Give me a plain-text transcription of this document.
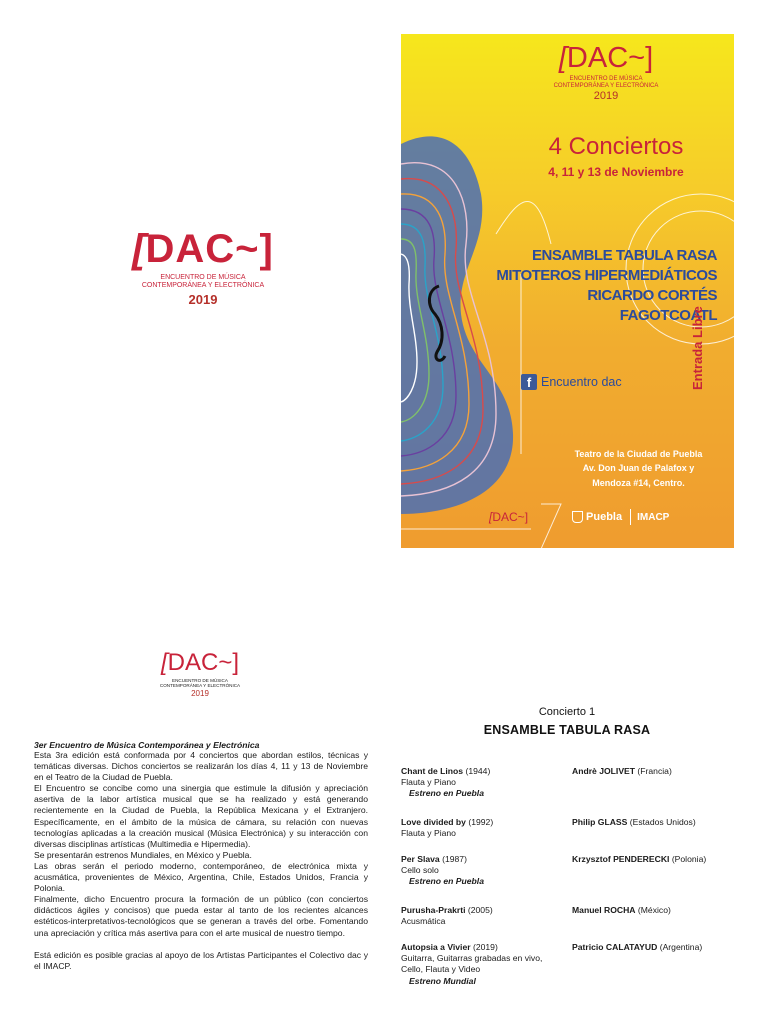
[ DAC~]
ENCUENTRO DE MÚSICA
CONTEMPORÁNEA Y ELECTRÓNICA
2019
[ DAC~]
ENCUENTRO DE MÚSICA
CONTEMPORÁNEA Y ELECTRÓNICA
2019
4 Conciertos
4, 11 y 13 de Noviembre
ENSAMBLE TABULA RASA
MITOTEROS HIPERMEDIÁTICOS
RICARDO CORTÉS
FAGOTCOATL
Entrada Libre
f Encuentro dac
Teatro de la Ciudad de Puebla
Av. Don Juan de Palafox y
Mendoza #14, Centro.
[ DAC~]	Puebla IMACP
[ DAC~]
ENCUENTRO DE MÚSICA
CONTEMPORÁNEA Y ELECTRÓNICA
2019
3er Encuentro de Música Contemporánea y Electrónica

Esta 3ra edición está conformada por 4 conciertos que abordan estilos, técnicas y temáticas diversas. Dichos conciertos se realizarán los días 4, 11 y 13 de Noviembre en el Teatro de la Ciudad de Puebla.

El Encuentro se concibe como una sinergia que estimule la difusión y apreciación asertiva de la labor artística musical que se ha realizado y está generando recientemente en la Ciudad de Puebla, la República Mexicana y el Extranjero. Específicamente, en el ámbito de la música de cámara, su relación con nuevas tecnologías aplicadas a la creación musical (Música Electrónica) y su interacción con diversas disciplinas artísticas (Multimedia e Hipermedia).

Se presentarán estrenos Mundiales, en México y Puebla.

Las obras serán el periodo moderno, contemporáneo, de electrónica mixta y acusmática, provenientes de México, Argentina, Chile, Estados Unidos, Francia y Polonia.

Finalmente, dicho Encuentro procura la formación de un público (con conciertos didácticos ágiles y concisos) que pueda estar al tanto de los recientes alcances estéticos-interpretativos-tecnológicos que se generan a través del orbe. Fomentando una apreciación y crítica más asertiva para con el arte musical de nuestro tiempo.

Está edición es posible gracias al apoyo de los Artistas Participantes el Colectivo dac y el IMACP.

Concierto 1
ENSAMBLE TABULA RASA
Chant de Linos (1944)
Flauta y Piano
Estreno en Puebla
Andrè JOLIVET (Francia)
Love divided by (1992)
Flauta y Piano
Philip GLASS (Estados Unidos)
Per Slava (1987)
Cello solo
Estreno en Puebla
Krzysztof PENDERECKI (Polonia)
Purusha-Prakrti (2005)
Acusmática
Manuel ROCHA (México)
Autopsia a Vivier (2019)
Guitarra, Guitarras grabadas en vivo, Cello, Flauta y Video
Estreno Mundial
Patricio CALATAYUD (Argentina)
